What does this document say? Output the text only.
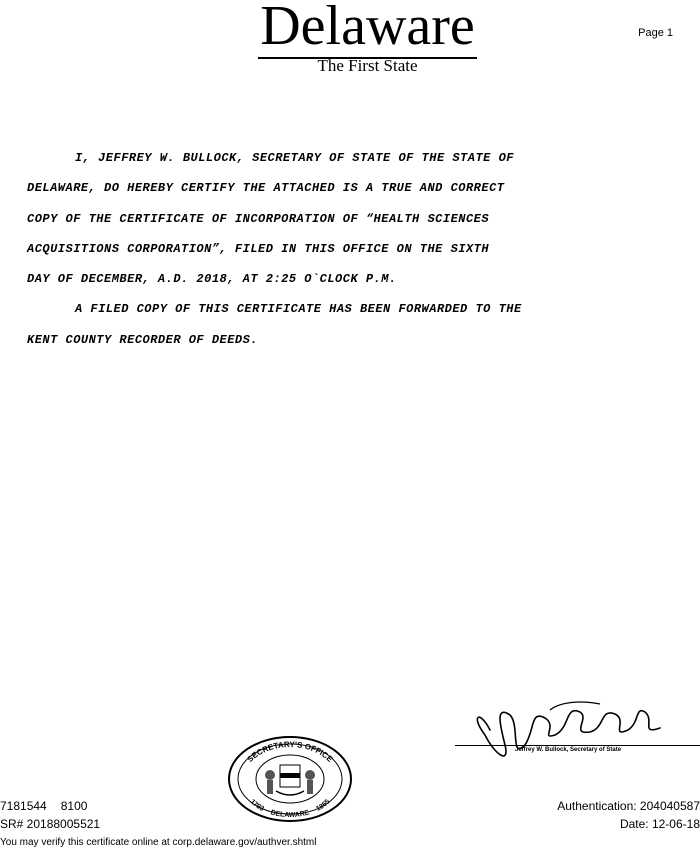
Delaware
The First State
Page 1

I, JEFFREY W. BULLOCK, SECRETARY OF STATE OF THE STATE OF
DELAWARE, DO HEREBY CERTIFY THE ATTACHED IS A TRUE AND CORRECT
COPY OF THE CERTIFICATE OF INCORPORATION OF “HEALTH SCIENCES
ACQUISITIONS CORPORATION”, FILED IN THIS OFFICE ON THE SIXTH
DAY OF DECEMBER, A.D. 2018, AT 2:25 O`CLOCK P.M.

A FILED COPY OF THIS CERTIFICATE HAS BEEN FORWARDED TO THE
KENT COUNTY RECORDER OF DEEDS.

Jeffrey W. Bullock, Secretary of State
SECRETARY'S OFFICE
1793
DELAWARE
1865
7181544 8100
SR# 20188005521
Authentication: 204040587
Date: 12-06-18
You may verify this certificate online at corp.delaware.gov/authver.shtml
